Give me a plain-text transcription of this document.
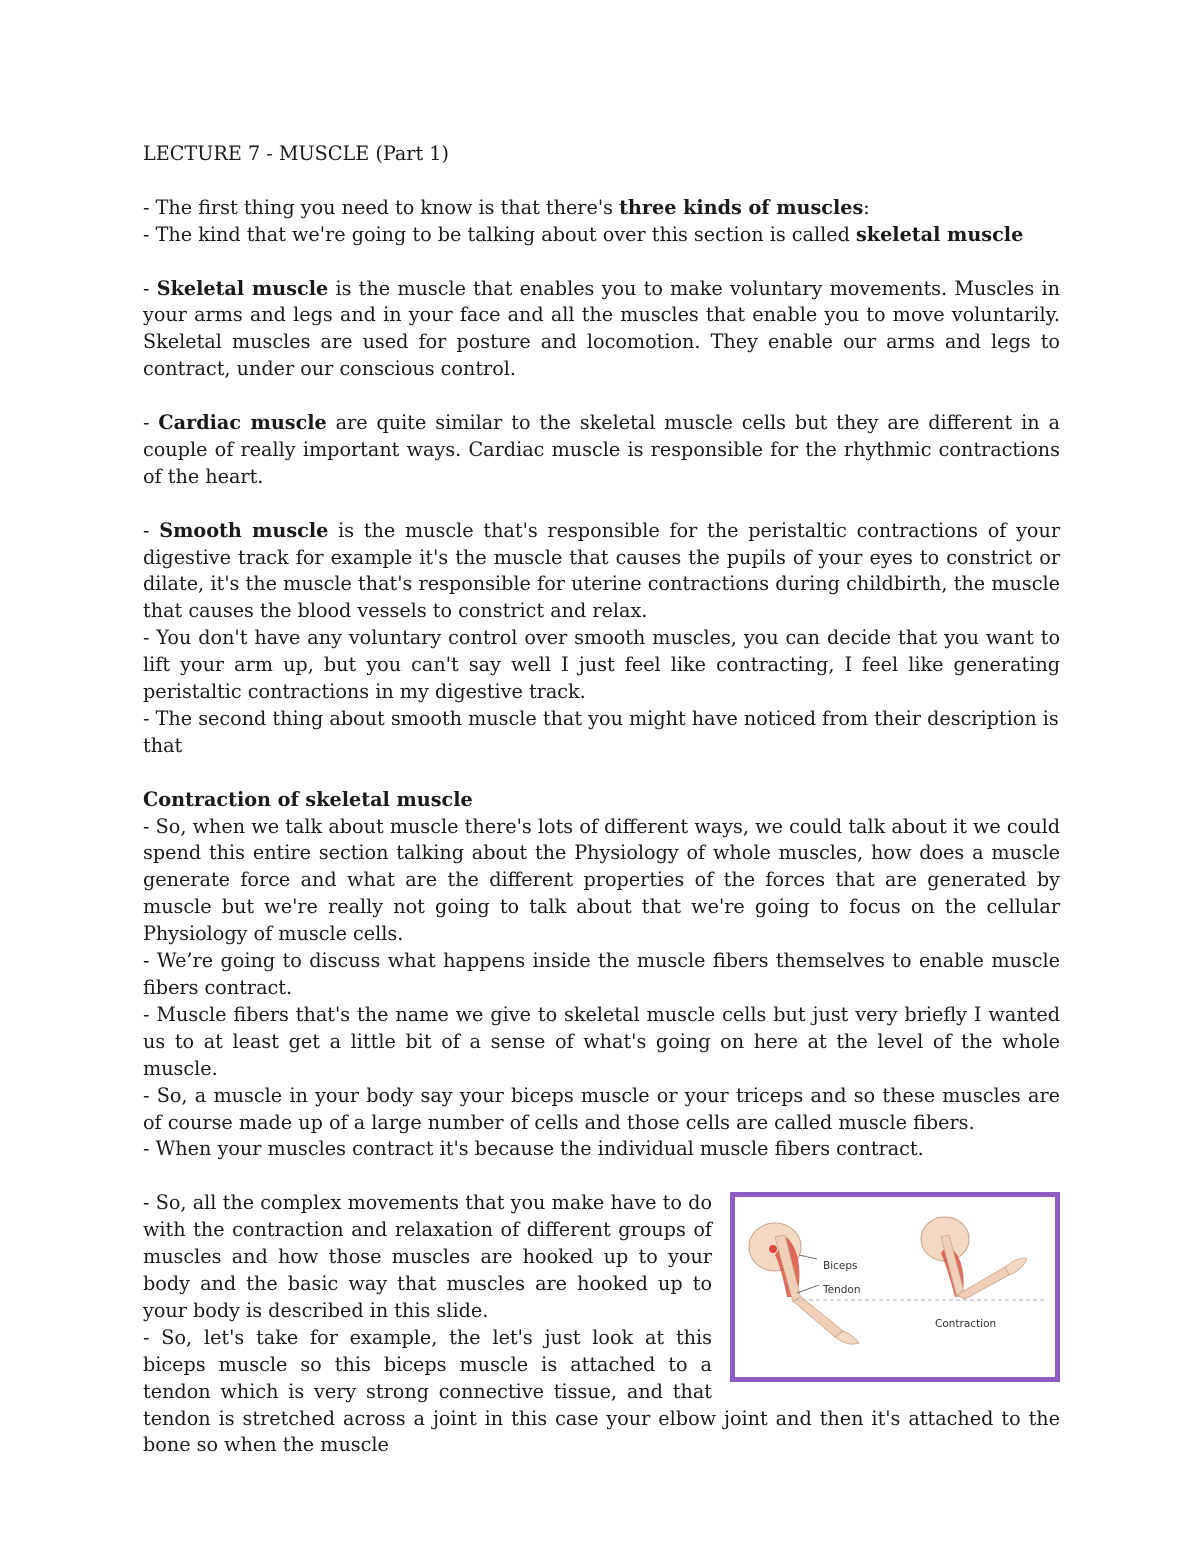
LECTURE 7 - MUSCLE (Part 1)

- The first thing you need to know is that there's three kinds of muscles:

- The kind that we're going to be talking about over this section is called skeletal muscle

- Skeletal muscle is the muscle that enables you to make voluntary movements. Muscles in your arms and legs and in your face and all the muscles that enable you to move voluntarily. Skeletal muscles are used for posture and locomotion. They enable our arms and legs to contract, under our conscious control.

- Cardiac muscle are quite similar to the skeletal muscle cells but they are different in a couple of really important ways. Cardiac muscle is responsible for the rhythmic contractions of the heart.

- Smooth muscle is the muscle that's responsible for the peristaltic contractions of your digestive track for example it's the muscle that causes the pupils of your eyes to constrict or dilate, it's the muscle that's responsible for uterine contractions during childbirth, the muscle that causes the blood vessels to constrict and relax.

- You don't have any voluntary control over smooth muscles, you can decide that you want to lift your arm up, but you can't say well I just feel like contracting, I feel like generating peristaltic contractions in my digestive track.

- The second thing about smooth muscle that you might have noticed from their description is that

Contraction of skeletal muscle

- So, when we talk about muscle there's lots of different ways, we could talk about it we could spend this entire section talking about the Physiology of whole muscles, how does a muscle generate force and what are the different properties of the forces that are generated by muscle but we're really not going to talk about that we're going to focus on the cellular Physiology of muscle cells.

- We’re going to discuss what happens inside the muscle fibers themselves to enable muscle fibers contract.

- Muscle fibers that's the name we give to skeletal muscle cells but just very briefly I wanted us to at least get a little bit of a sense of what's going on here at the level of the whole muscle.

- So, a muscle in your body say your biceps muscle or your triceps and so these muscles are of course made up of a large number of cells and those cells are called muscle fibers.

- When your muscles contract it's because the individual muscle fibers contract.

Biceps
Tendon
Contraction

- So, all the complex movements that you make have to do with the contraction and relaxation of different groups of muscles and how those muscles are hooked up to your body and the basic way that muscles are hooked up to your body is described in this slide.

- So, let's take for example, the let's just look at this biceps muscle so this biceps muscle is attached to a tendon which is very strong connective tissue, and that tendon is stretched across a joint in this case your elbow joint and then it's attached to the bone so when the muscle
